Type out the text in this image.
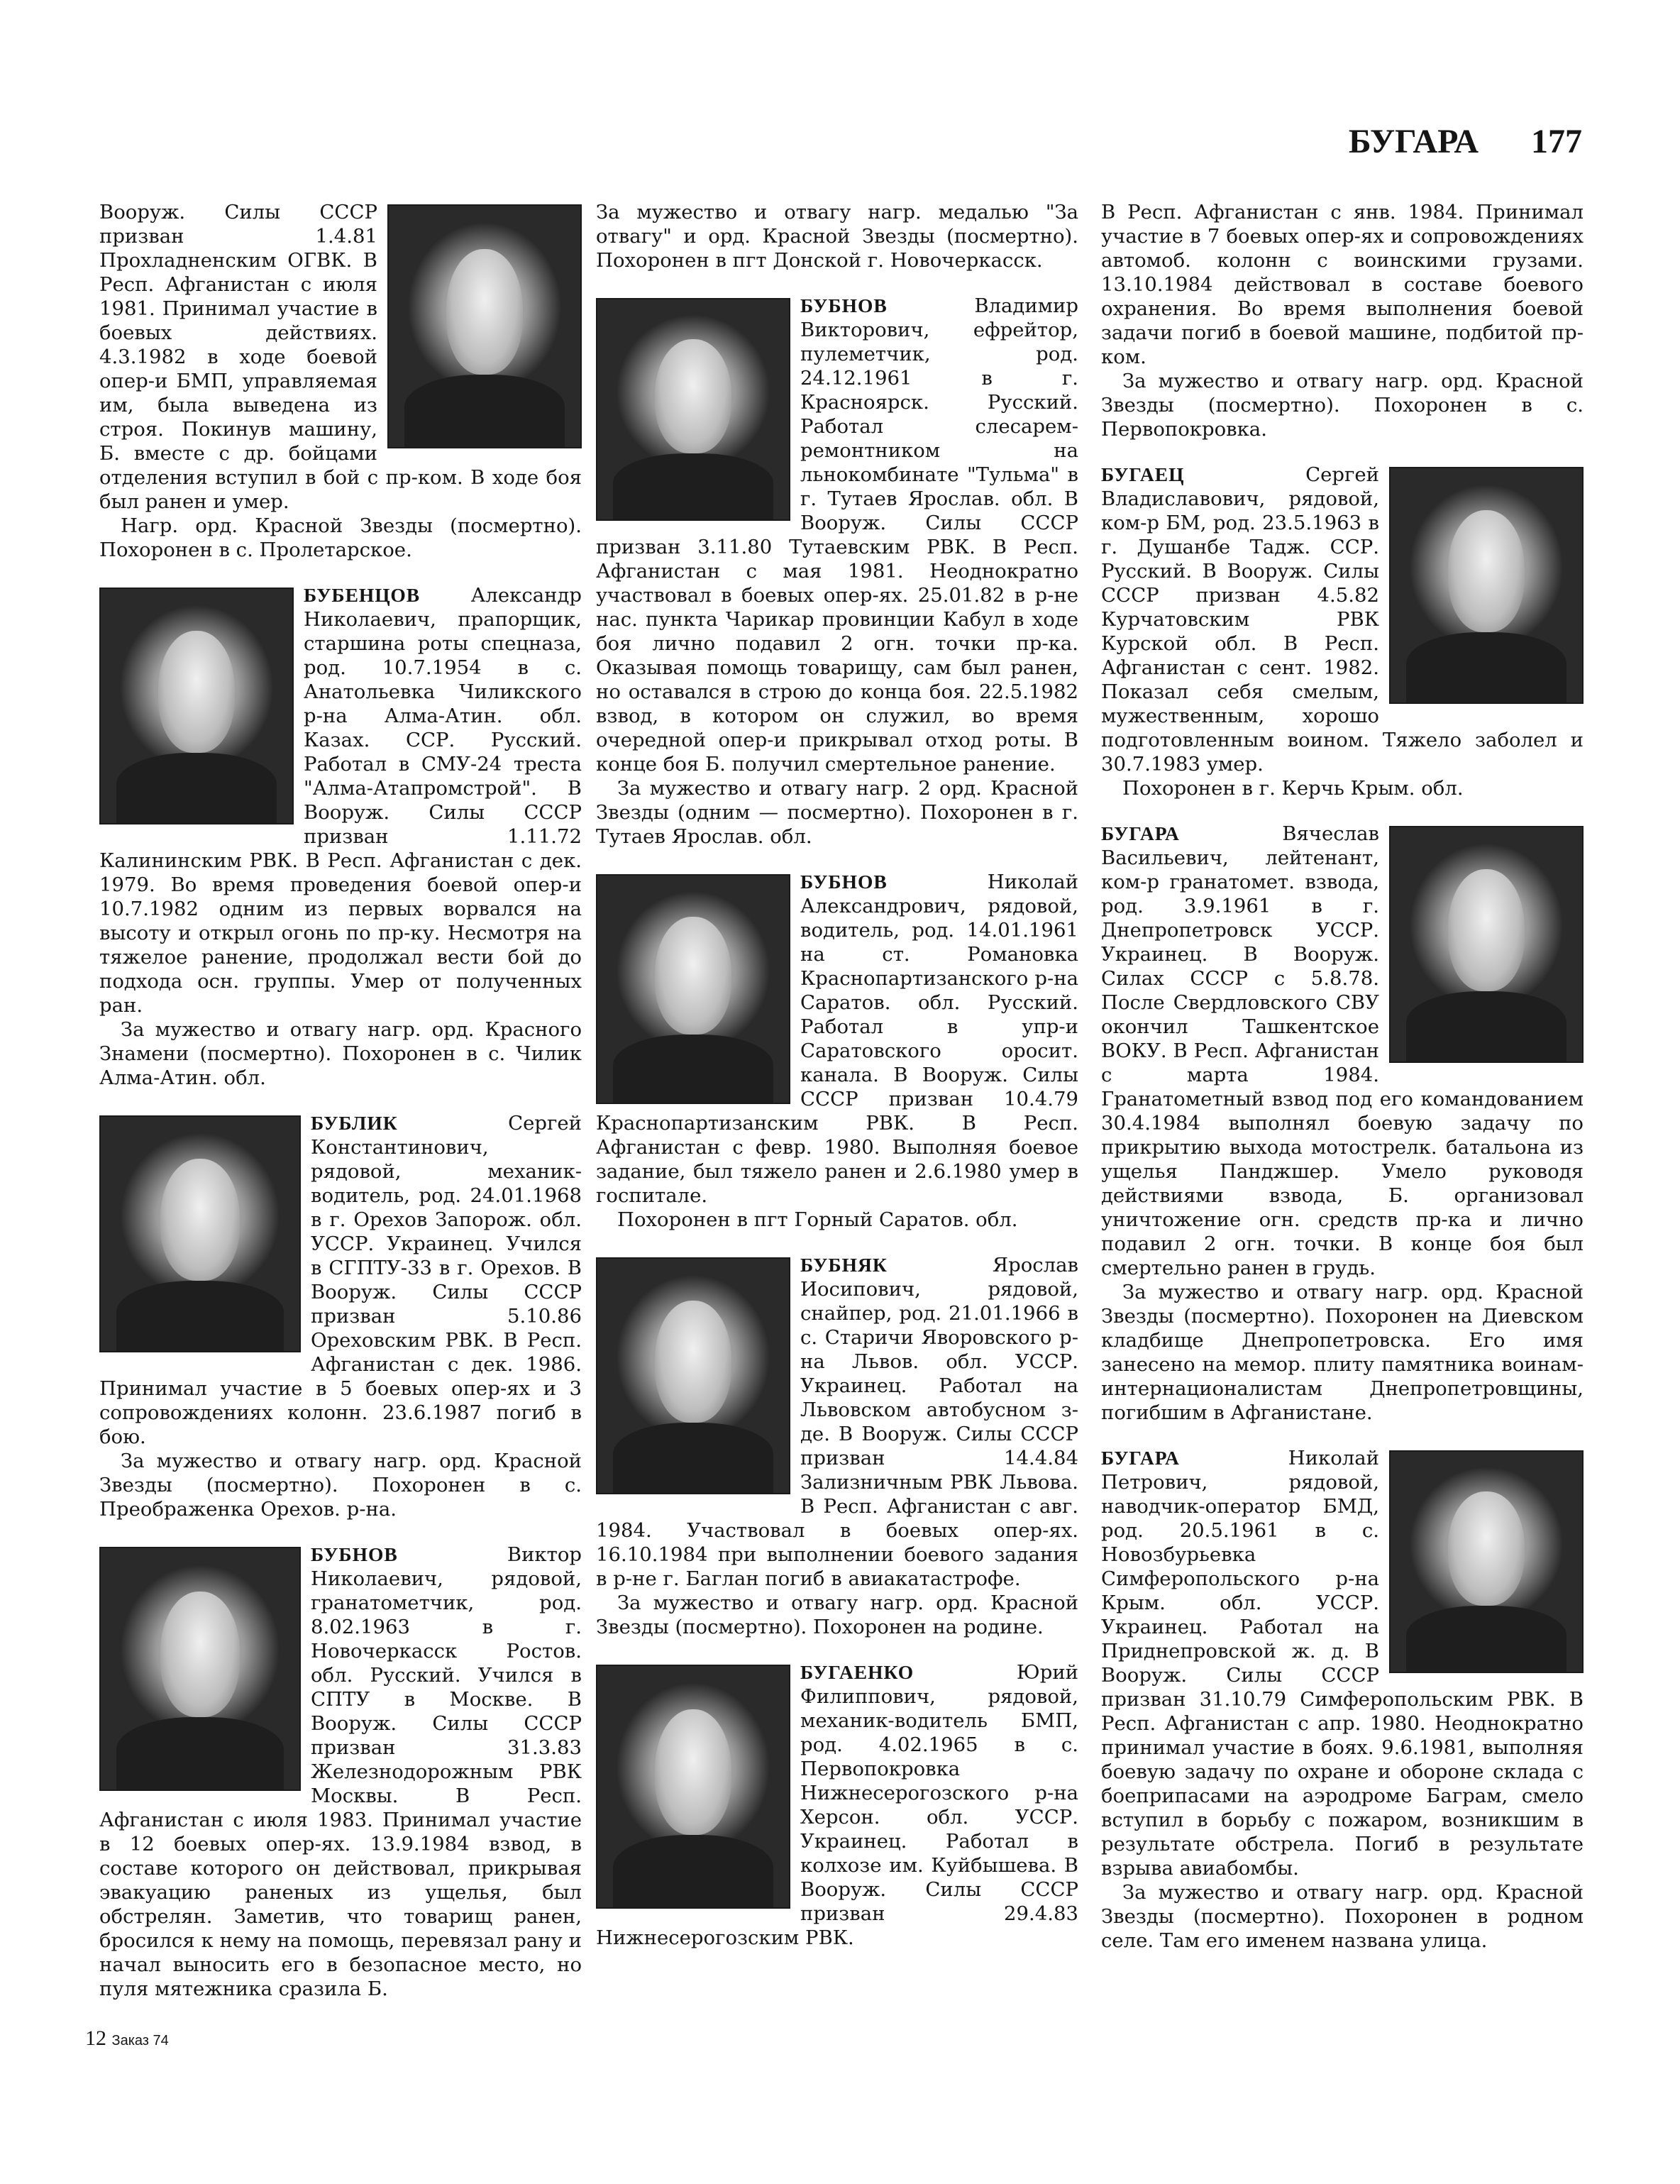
БУГАРА 177

Вооруж. Силы СССР призван 1.4.81 Прохладненским ОГВК. В Респ. Афганистан с июля 1981. Принимал участие в боевых действиях. 4.3.1982 в ходе боевой опер-и БМП, управляемая им, была выведена из строя. Покинув машину, Б. вместе с др. бойцами отделения вступил в бой с пр-ком. В ходе боя был ранен и умер.

Нагр. орд. Красной Звезды (посмертно). Похоронен в с. Пролетарское.

БУБЕНЦОВ	Александр Николаевич, прапорщик, старшина роты спецназа, род. 10.7.1954 в с. Анатольевка Чиликского р-на Алма-Атин. обл. Казах. ССР. Русский. Работал в СМУ-24 треста "Алма-Атапромстрой". В Вооруж. Силы СССР призван 1.11.72 Калининским РВК. В Респ. Афганистан с дек. 1979. Во время проведения боевой опер-и 10.7.1982 одним из первых ворвался на высоту и открыл огонь по пр-ку. Несмотря на тяжелое ранение, продолжал вести бой до подхода осн. группы. Умер от полученных ран.

За мужество и отвагу нагр. орд. Красного Знамени (посмертно). Похоронен в с. Чилик Алма-Атин. обл.

БУБЛИК	Сергей Константинович, рядовой, механик-водитель, род. 24.01.1968 в г. Орехов Запорож. обл. УССР. Украинец. Учился в СГПТУ-33 в г. Орехов. В Вооруж. Силы СССР призван 5.10.86 Ореховским РВК. В Респ. Афганистан с дек. 1986. Принимал участие в 5 боевых опер-ях и 3 сопровождениях колонн. 23.6.1987 погиб в бою.

За мужество и отвагу нагр. орд. Красной Звезды (посмертно). Похоронен в с. Преображенка Орехов. р-на.

БУБНОВ	Виктор Николаевич, рядовой, гранатометчик, род. 8.02.1963 в г. Новочеркасск Ростов. обл. Русский. Учился в СПТУ в Москве. В Вооруж. Силы СССР призван 31.3.83 Железнодорожным РВК Москвы. В Респ. Афганистан с июля 1983. Принимал участие в 12 боевых опер-ях. 13.9.1984 взвод, в составе которого он действовал, прикрывая эвакуацию раненых из ущелья, был обстрелян. Заметив, что товарищ ранен, бросился к нему на помощь, перевязал рану и начал выносить его в безопасное место, но пуля мятежника сразила Б.

За мужество и отвагу нагр. медалью "За отвагу" и орд. Красной Звезды (посмертно). Похоронен в пгт Донской г. Новочеркасск.

БУБНОВ	Владимир Викторович, ефрейтор, пулеметчик, род. 24.12.1961 в г. Красноярск. Русский. Работал слесарем-ремонтником на льнокомбинате "Тульма" в г. Тутаев Ярослав. обл. В Вооруж. Силы СССР призван 3.11.80 Тутаевским РВК. В Респ. Афганистан с мая 1981. Неоднократно участвовал в боевых опер-ях. 25.01.82 в р-не нас. пункта Чарикар провинции Кабул в ходе боя лично подавил 2 огн. точки пр-ка. Оказывая помощь товарищу, сам был ранен, но оставался в строю до конца боя. 22.5.1982 взвод, в котором он служил, во время очередной опер-и прикрывал отход роты. В конце боя Б. получил смертельное ранение.

За мужество и отвагу нагр. 2 орд. Красной Звезды (одним — посмертно). Похоронен в г. Тутаев Ярослав. обл.

БУБНОВ	Николай Александрович, рядовой, водитель, род. 14.01.1961 на ст. Романовка Краснопартизанского р-на Саратов. обл. Русский. Работал в упр-и Саратовского оросит. канала. В Вооруж. Силы СССР призван 10.4.79 Краснопартизанским РВК. В Респ. Афганистан с февр. 1980. Выполняя боевое задание, был тяжело ранен и 2.6.1980 умер в госпитале.

Похоронен в пгт Горный Саратов. обл.

БУБНЯК	Ярослав Иосипович, рядовой, снайпер, род. 21.01.1966 в с. Старичи Яворовского р-на Львов. обл. УССР. Украинец. Работал на Львовском автобусном з-де. В Вооруж. Силы СССР призван 14.4.84 Зализничным РВК Львова. В Респ. Афганистан с авг. 1984. Участвовал в боевых опер-ях. 16.10.1984 при выполнении боевого задания в р-не г. Баглан погиб в авиакатастрофе.

За мужество и отвагу нагр. орд. Красной Звезды (посмертно). Похоронен на родине.

БУГАЕНКО	Юрий Филиппович, рядовой, механик-водитель БМП, род. 4.02.1965 в с. Первопокровка Нижнесерогозского р-на Херсон. обл. УССР. Украинец. Работал в колхозе им. Куйбышева. В Вооруж. Силы СССР призван 29.4.83 Нижнесерогозским РВК.

В Респ. Афганистан с янв. 1984. Принимал участие в 7 боевых опер-ях и сопровождениях автомоб. колонн с воинскими грузами. 13.10.1984 действовал в составе боевого охранения. Во время выполнения боевой задачи погиб в боевой машине, подбитой пр-ком.

За мужество и отвагу нагр. орд. Красной Звезды (посмертно). Похоронен в с. Первопокровка.

БУГАЕЦ	Сергей Владиславович, рядовой, ком-р БМ, род. 23.5.1963 в г. Душанбе Тадж. ССР. Русский. В Вооруж. Силы СССР призван 4.5.82 Курчатовским РВК Курской обл. В Респ. Афганистан с сент. 1982. Показал себя смелым, мужественным, хорошо подготовленным воином. Тяжело заболел и 30.7.1983 умер.

Похоронен в г. Керчь Крым. обл.

БУГАРА	Вячеслав Васильевич, лейтенант, ком-р гранатомет. взвода, род. 3.9.1961 в г. Днепропетровск УССР. Украинец. В Вооруж. Силах СССР с 5.8.78. После Свердловского СВУ окончил Ташкентское ВОКУ. В Респ. Афганистан с марта 1984. Гранатометный взвод под его командованием 30.4.1984 выполнял боевую задачу по прикрытию выхода мотострелк. батальона из ущелья Панджшер. Умело руководя действиями взвода, Б. организовал уничтожение огн. средств пр-ка и лично подавил 2 огн. точки. В конце боя был смертельно ранен в грудь.

За мужество и отвагу нагр. орд. Красной Звезды (посмертно). Похоронен на Диевском кладбище Днепропетровска. Его имя занесено на мемор. плиту памятника воинам-интернационалистам Днепропетровщины, погибшим в Афганистане.

БУГАРА	Николай Петрович, рядовой, наводчик-оператор БМД, род. 20.5.1961 в с. Новозбурьевка Симферопольского р-на Крым. обл. УССР. Украинец. Работал на Приднепровской ж. д. В Вооруж. Силы СССР призван 31.10.79 Симферопольским РВК. В Респ. Афганистан с апр. 1980. Неоднократно принимал участие в боях. 9.6.1981, выполняя боевую задачу по охране и обороне склада с боеприпасами на аэродроме Баграм, смело вступил в борьбу с пожаром, возникшим в результате обстрела. Погиб в результате взрыва авиабомбы.

За мужество и отвагу нагр. орд. Красной Звезды (посмертно). Похоронен в родном селе. Там его именем названа улица.

12 Заказ 74
